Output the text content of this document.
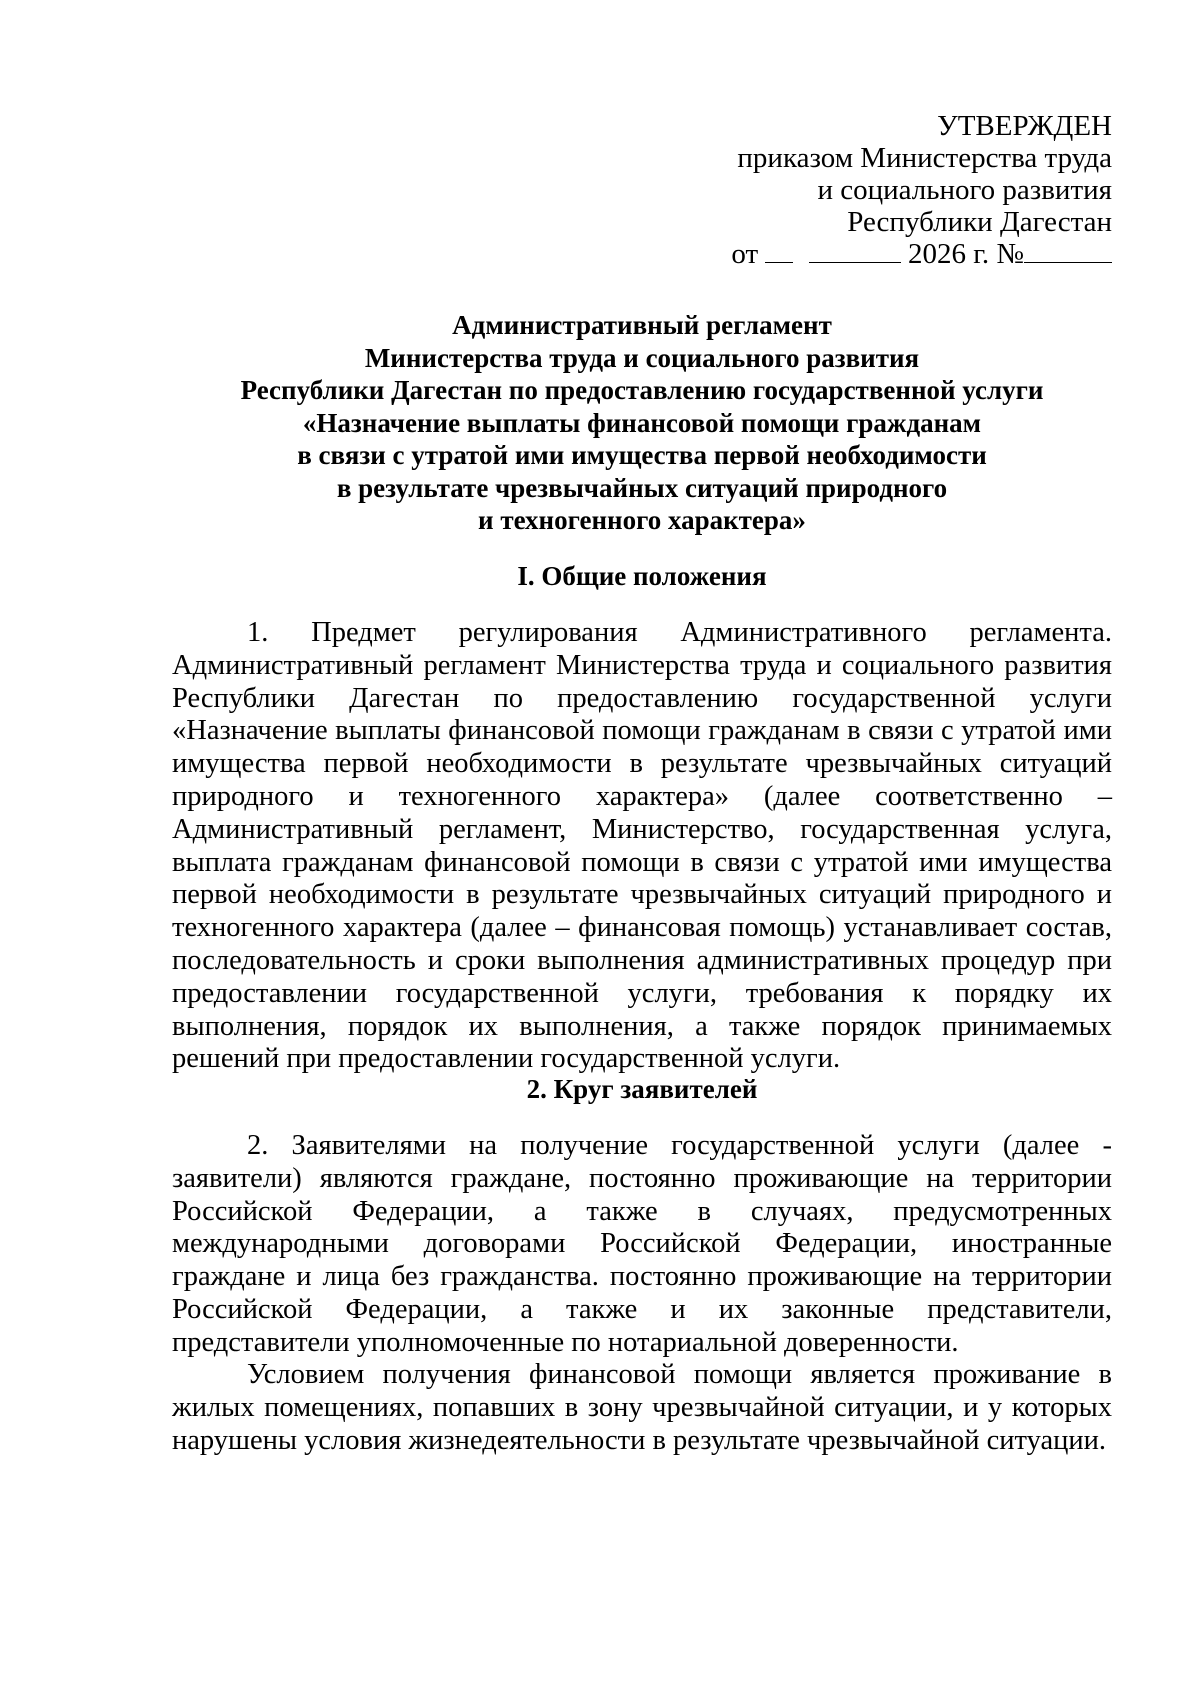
УТВЕРЖДЕН
приказом Министерства труда
и социального развития
Республики Дагестан
от	2026 г. №
Административный регламент
Министерства труда и социального развития
Республики Дагестан по предоставлению государственной услуги
«Назначение выплаты финансовой помощи гражданам
в связи с утратой ими имущества первой необходимости
в результате чрезвычайных ситуаций природного
и техногенного характера»
I. Общие положения
1. Предмет регулирования Административного регламента. Административный регламент Министерства труда и социального развития Республики Дагестан по предоставлению государственной услуги «Назначение выплаты финансовой помощи гражданам в связи с утратой ими имущества первой необходимости в результате чрезвычайных ситуаций природного и техногенного характера» (далее соответственно – Административный регламент, Министерство, государственная услуга, выплата гражданам финансовой помощи в связи с утратой ими имущества первой необходимости в результате чрезвычайных ситуаций природного и техногенного характера (далее – финансовая помощь) устанавливает состав, последовательность и сроки выполнения административных процедур при предоставлении государственной услуги, требования к порядку их выполнения, порядок их выполнения, а также порядок принимаемых решений при предоставлении государственной услуги.
2. Круг заявителей
2. Заявителями на получение государственной услуги (далее - заявители) являются граждане, постоянно проживающие на территории Российской Федерации, а также в случаях, предусмотренных международными договорами Российской Федерации, иностранные граждане и лица без гражданства. постоянно проживающие на территории Российской Федерации, а также и их законные представители, представители уполномоченные по нотариальной доверенности.
Условием получения финансовой помощи является проживание в жилых помещениях, попавших в зону чрезвычайной ситуации, и у которых нарушены условия жизнедеятельности в результате чрезвычайной ситуации.
